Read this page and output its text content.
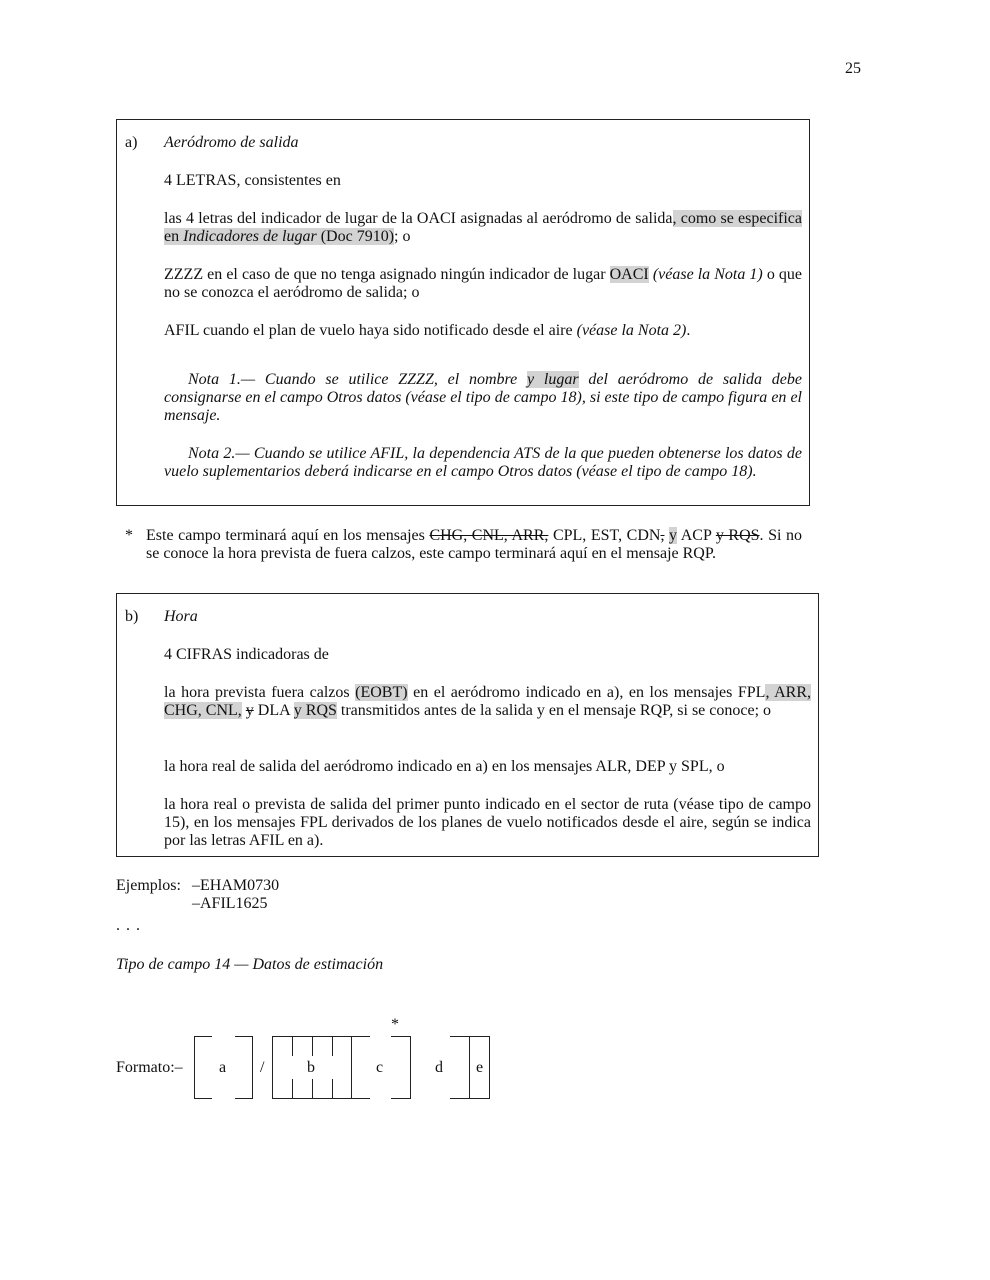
25
a) Aeródromo de salida
4 LETRAS, consistentes en
las 4 letras del indicador de lugar de la OACI asignadas al aeródromo de salida, como se especifica en Indicadores de lugar (Doc 7910); o
ZZZZ en el caso de que no tenga asignado ningún indicador de lugar OACI (véase la Nota 1) o que no se conozca el aeródromo de salida; o
AFIL cuando el plan de vuelo haya sido notificado desde el aire (véase la Nota 2).
Nota 1.— Cuando se utilice ZZZZ, el nombre y lugar del aeródromo de salida debe consignarse en el campo Otros datos (véase el tipo de campo 18), si este tipo de campo figura en el mensaje.
Nota 2.— Cuando se utilice AFIL, la dependencia ATS de la que pueden obtenerse los datos de vuelo suplementarios deberá indicarse en el campo Otros datos (véase el tipo de campo 18).
* Este campo terminará aquí en los mensajes CHG, CNL, ARR, CPL, EST, CDN, y ACP y RQS. Si no se conoce la hora prevista de fuera calzos, este campo terminará aquí en el mensaje RQP.
b) Hora
4 CIFRAS indicadoras de
la hora prevista fuera calzos (EOBT) en el aeródromo indicado en a), en los mensajes FPL, ARR, CHG, CNL, y DLA y RQS transmitidos antes de la salida y en el mensaje RQP, si se conoce; o
la hora real de salida del aeródromo indicado en a) en los mensajes ALR, DEP y SPL, o
la hora real o prevista de salida del primer punto indicado en el sector de ruta (véase tipo de campo 15), en los mensajes FPL derivados de los planes de vuelo notificados desde el aire, según se indica por las letras AFIL en a).
Ejemplos: –EHAM0730
–AFIL1625
. . .
Tipo de campo 14 — Datos de estimación
Formato:–
*
a /	b	c	d e
